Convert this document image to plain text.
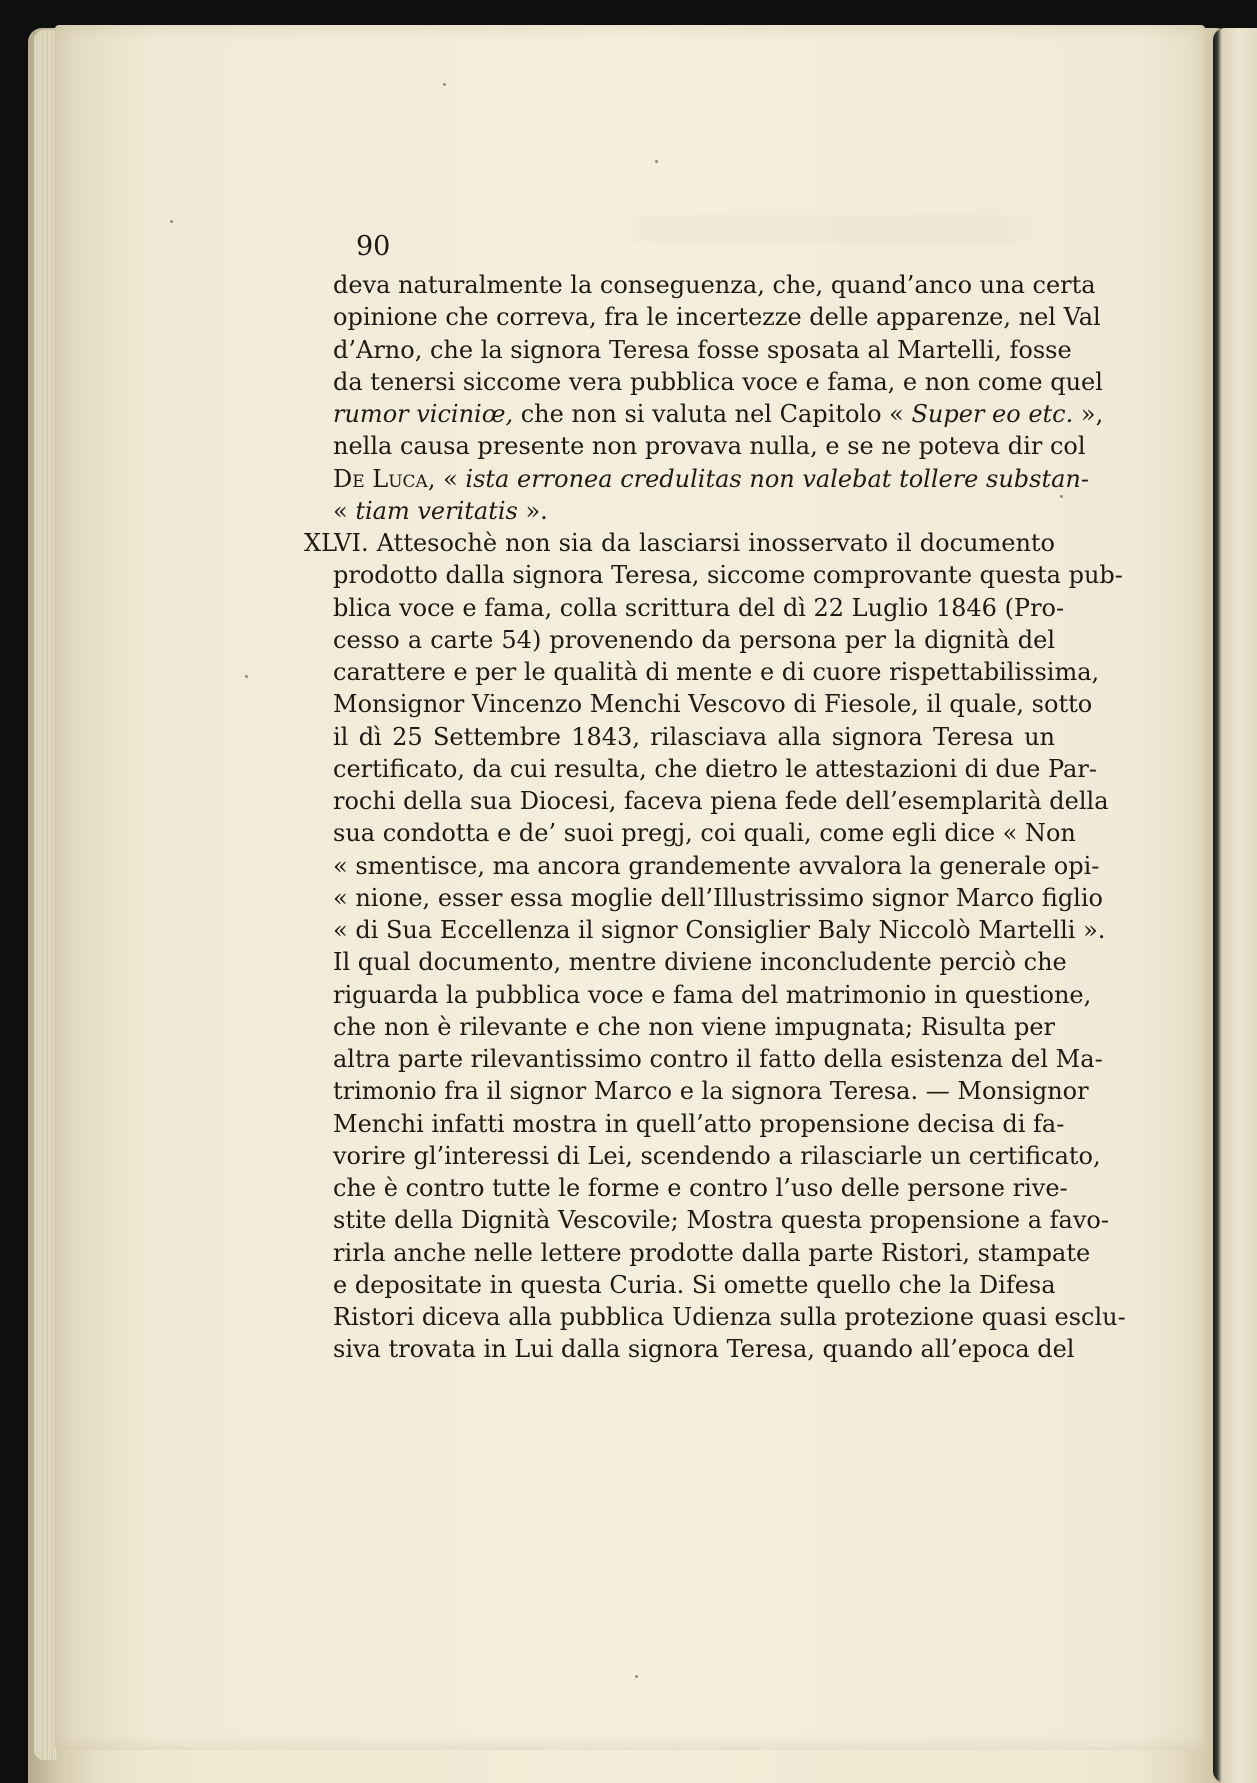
90
deva naturalmente la conseguenza, che, quand’anco una certa
opinione che correva, fra le incertezze delle apparenze, nel Val
d’Arno, che la signora Teresa fosse sposata al Martelli, fosse
da tenersi siccome vera pubblica voce e fama, e non come quel
rumor viciniœ, che non si valuta nel Capitolo « Super eo etc. »,
nella causa presente non provava nulla, e se ne poteva dir col
De Luca, « ista erronea credulitas non valebat tollere substan-
« tiam veritatis ».
XLVI. Attesochè non sia da lasciarsi inosservato il documento
prodotto dalla signora Teresa, siccome comprovante questa pub-
blica voce e fama, colla scrittura del dì 22 Luglio 1846 (Pro-
cesso a carte 54) provenendo da persona per la dignità del
carattere e per le qualità di mente e di cuore rispettabilissima,
Monsignor Vincenzo Menchi Vescovo di Fiesole, il quale, sotto
il dì 25 Settembre 1843, rilasciava alla signora Teresa un
certificato, da cui resulta, che dietro le attestazioni di due Par-
rochi della sua Diocesi, faceva piena fede dell’esemplarità della
sua condotta e de’ suoi pregj, coi quali, come egli dice « Non
« smentisce, ma ancora grandemente avvalora la generale opi-
« nione, esser essa moglie dell’Illustrissimo signor Marco figlio
« di Sua Eccellenza il signor Consiglier Baly Niccolò Martelli ».
Il qual documento, mentre diviene inconcludente perciò che
riguarda la pubblica voce e fama del matrimonio in questione,
che non è rilevante e che non viene impugnata; Risulta per
altra parte rilevantissimo contro il fatto della esistenza del Ma-
trimonio fra il signor Marco e la signora Teresa. — Monsignor
Menchi infatti mostra in quell’atto propensione decisa di fa-
vorire gl’interessi di Lei, scendendo a rilasciarle un certificato,
che è contro tutte le forme e contro l’uso delle persone rive-
stite della Dignità Vescovile; Mostra questa propensione a favo-
rirla anche nelle lettere prodotte dalla parte Ristori, stampate
e depositate in questa Curia. Si omette quello che la Difesa
Ristori diceva alla pubblica Udienza sulla protezione quasi esclu-
siva trovata in Lui dalla signora Teresa, quando all’epoca del
